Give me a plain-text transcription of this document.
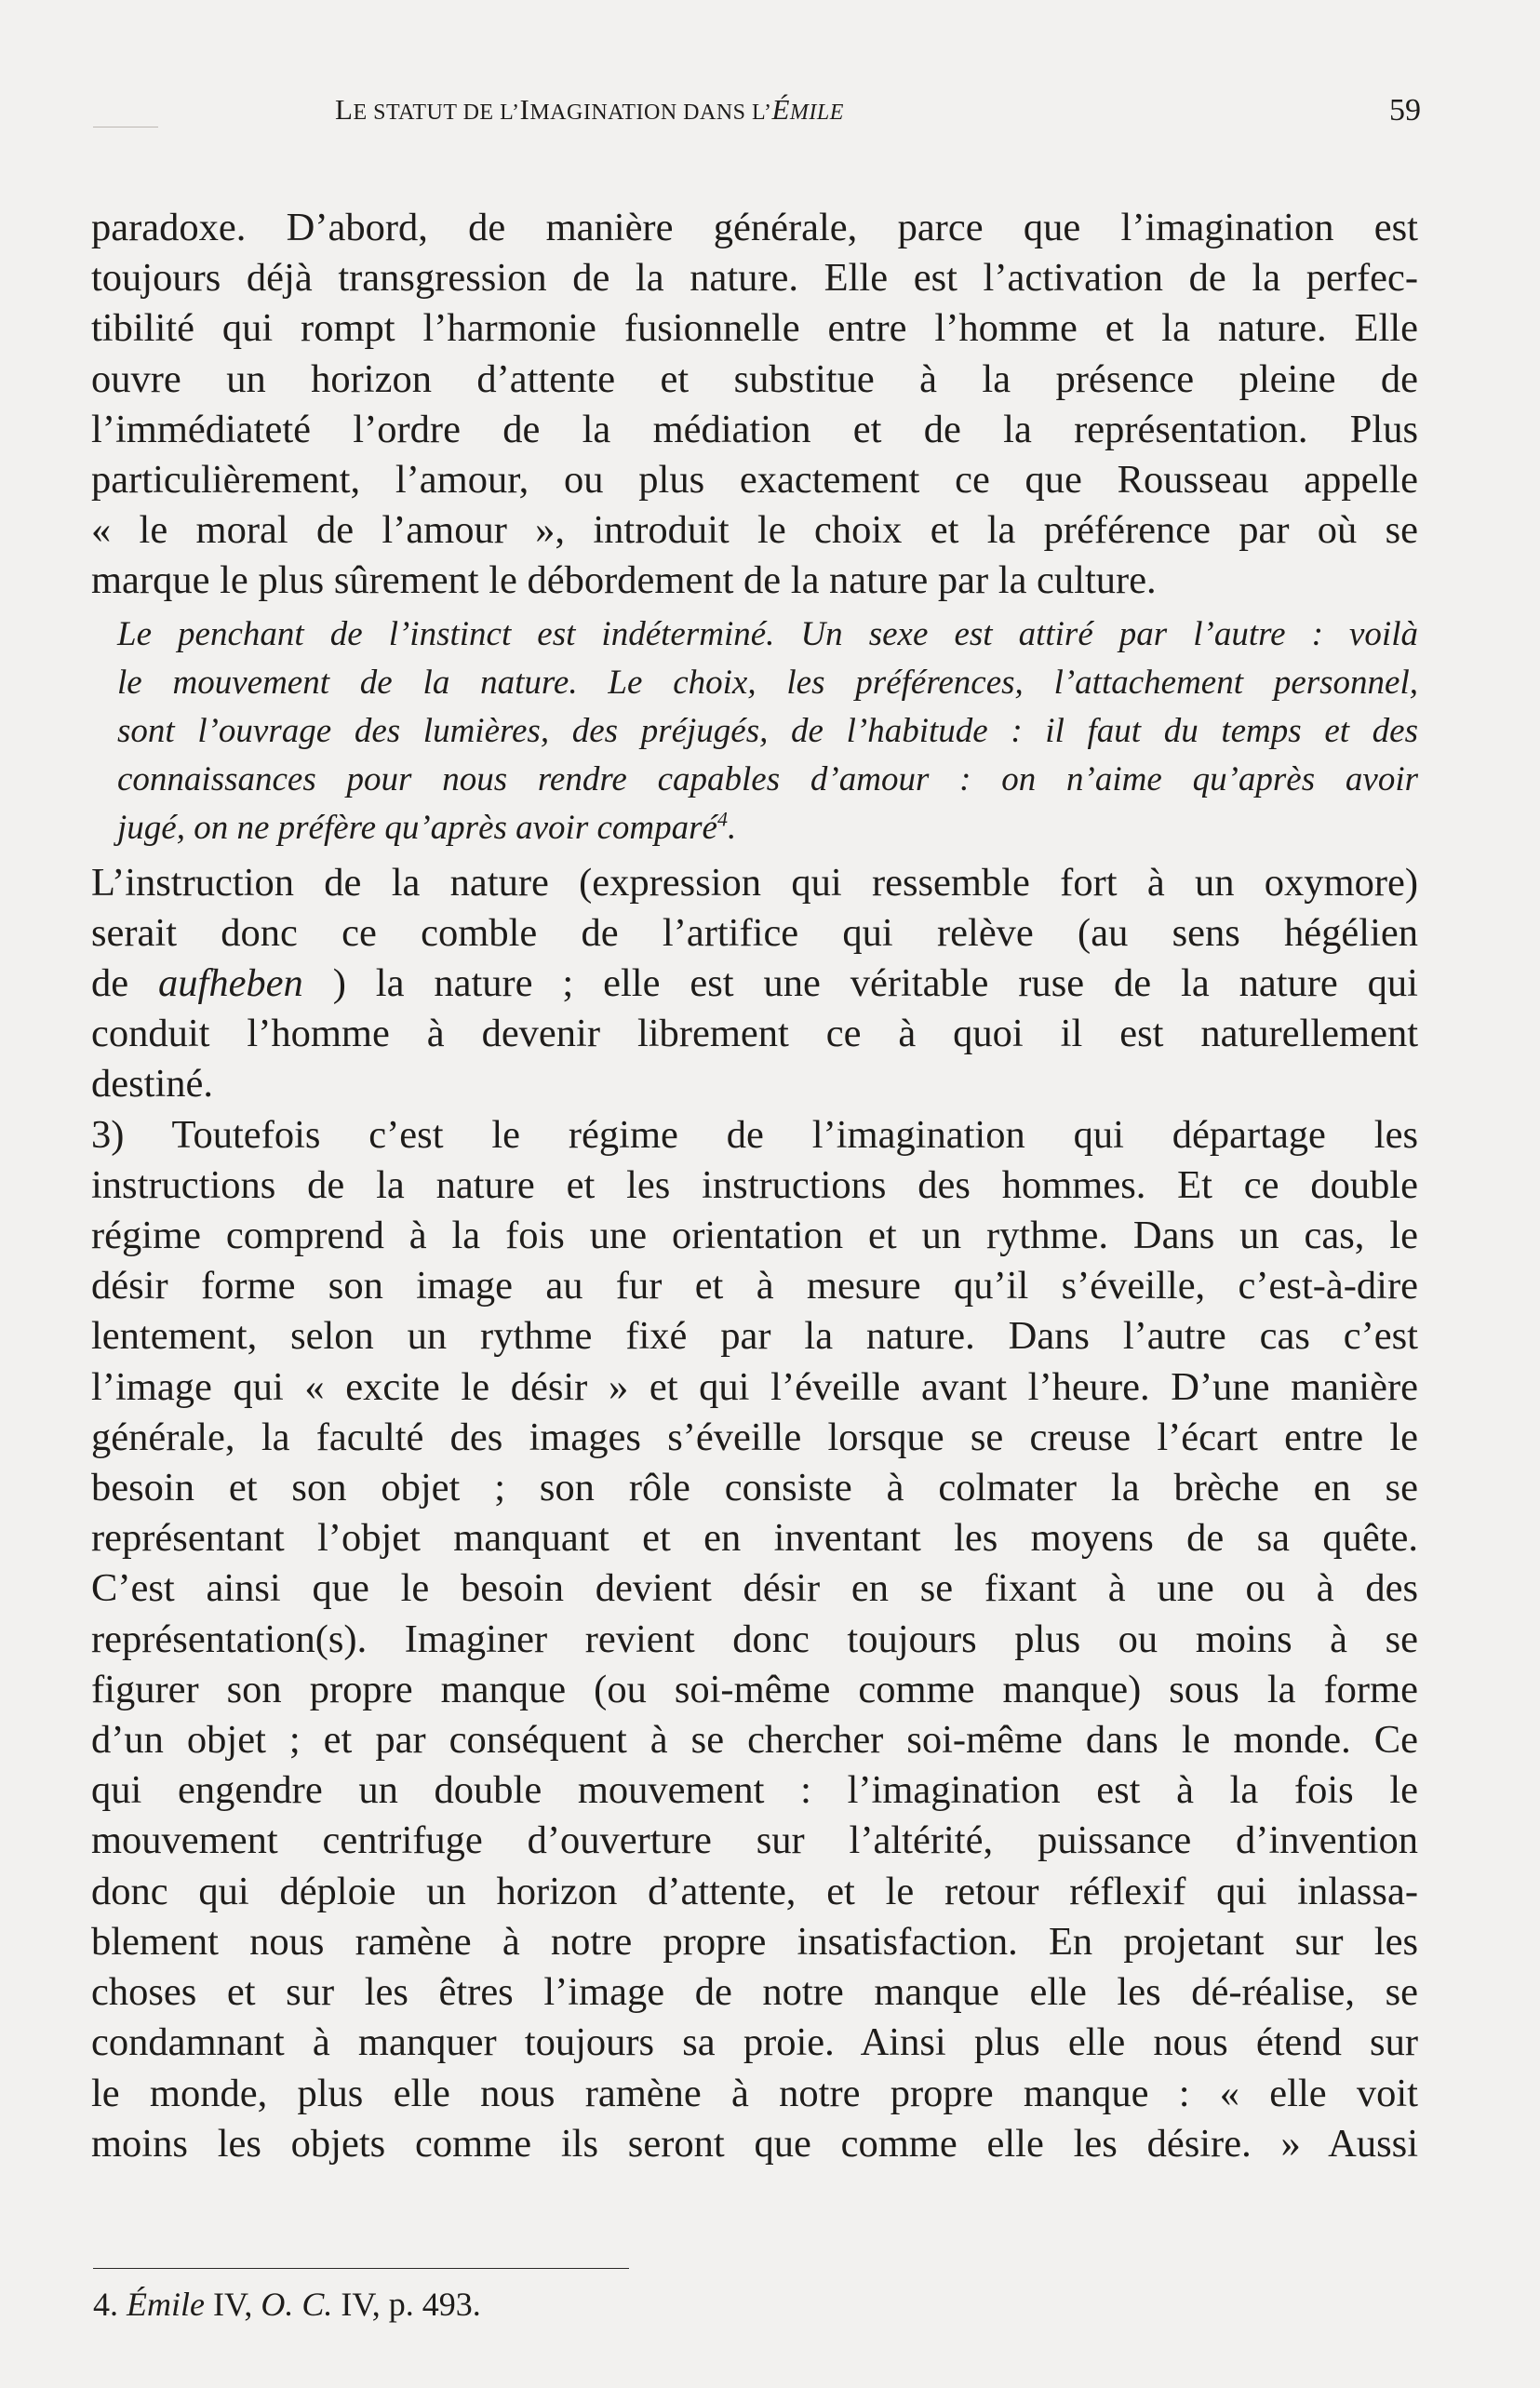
LE STATUT DE L’IMAGINATION DANS L’ÉMILE	59

paradoxe. D’abord, de manière générale, parce que l’imagination est
toujours déjà transgression de la nature. Elle est l’activation de la perfec-
tibilité qui rompt l’harmonie fusionnelle entre l’homme et la nature. Elle
ouvre un horizon d’attente et substitue à la présence pleine de
l’immédiateté l’ordre de la médiation et de la représentation. Plus
particulièrement, l’amour, ou plus exactement ce que Rousseau appelle
« le moral de l’amour », introduit le choix et la préférence par où se
marque le plus sûrement le débordement de la nature par la culture.

Le penchant de l’instinct est indéterminé. Un sexe est attiré par l’autre : voilà
le mouvement de la nature. Le choix, les préférences, l’attachement personnel,
sont l’ouvrage des lumières, des préjugés, de l’habitude : il faut du temps et des
connaissances pour nous rendre capables d’amour : on n’aime qu’après avoir
jugé, on ne préfère qu’après avoir comparé$^4$.

L’instruction de la nature (expression qui ressemble fort à un oxymore)
serait donc ce comble de l’artifice qui relève (au sens hégélien
de aufheben ) la nature ; elle est une véritable ruse de la nature qui
conduit l’homme à devenir librement ce à quoi il est naturellement
destiné.

3) Toutefois c’est le régime de l’imagination qui départage les
instructions de la nature et les instructions des hommes. Et ce double
régime comprend à la fois une orientation et un rythme. Dans un cas, le
désir forme son image au fur et à mesure qu’il s’éveille, c’est-à-dire
lentement, selon un rythme fixé par la nature. Dans l’autre cas c’est
l’image qui « excite le désir » et qui l’éveille avant l’heure. D’une manière
générale, la faculté des images s’éveille lorsque se creuse l’écart entre le
besoin et son objet ; son rôle consiste à colmater la brèche en se
représentant l’objet manquant et en inventant les moyens de sa quête.
C’est ainsi que le besoin devient désir en se fixant à une ou à des
représentation(s). Imaginer revient donc toujours plus ou moins à se
figurer son propre manque (ou soi-même comme manque) sous la forme
d’un objet ; et par conséquent à se chercher soi-même dans le monde. Ce
qui engendre un double mouvement : l’imagination est à la fois le
mouvement centrifuge d’ouverture sur l’altérité, puissance d’invention
donc qui déploie un horizon d’attente, et le retour réflexif qui inlassa-
blement nous ramène à notre propre insatisfaction. En projetant sur les
choses et sur les êtres l’image de notre manque elle les dé-réalise, se
condamnant à manquer toujours sa proie. Ainsi plus elle nous étend sur
le monde, plus elle nous ramène à notre propre manque : « elle voit
moins les objets comme ils seront que comme elle les désire. » Aussi

4. Émile IV, O. C. IV, p. 493.
